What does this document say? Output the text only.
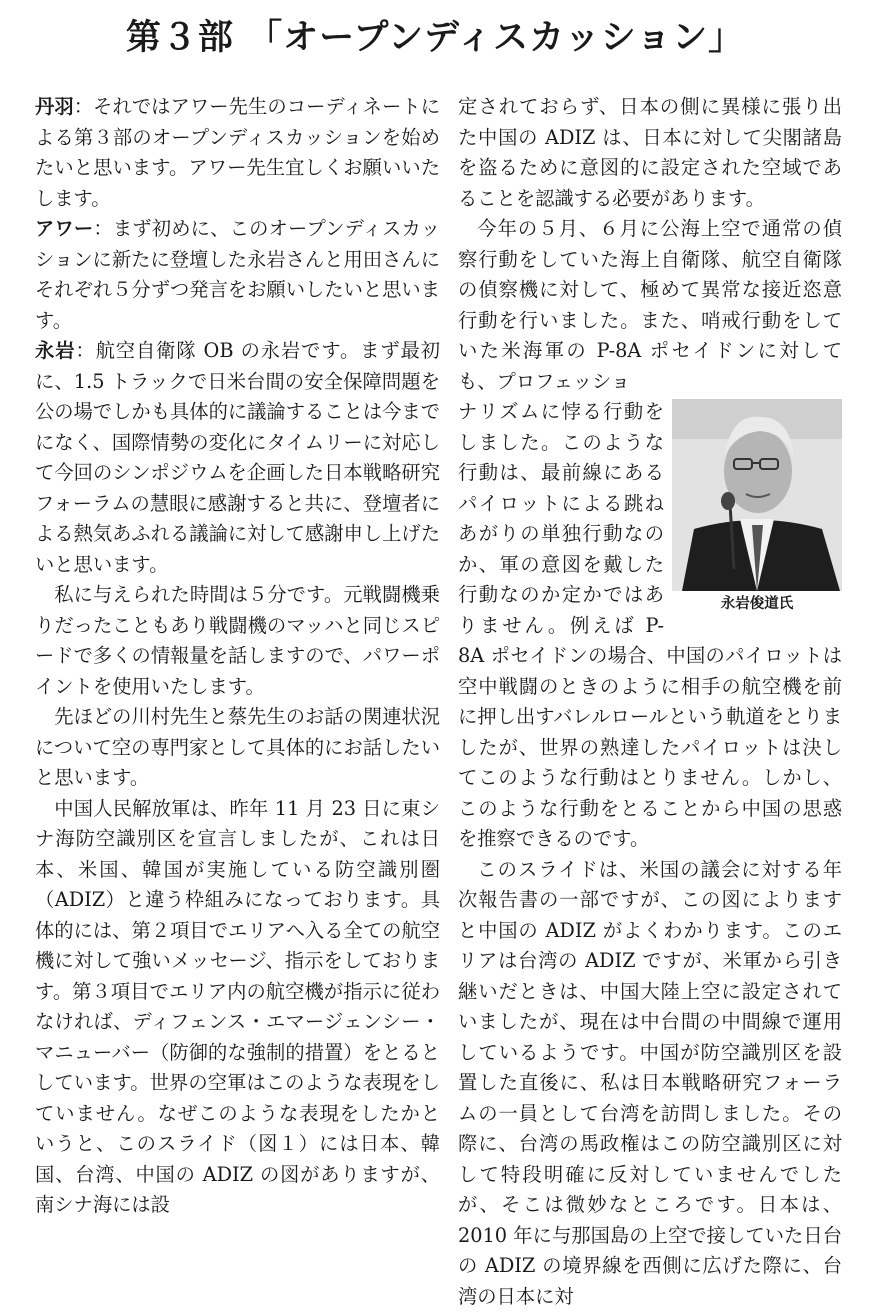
第３部 「オープンディスカッション」

丹羽：それではアワー先生のコーディネートによる第３部のオープンディスカッションを始めたいと思います。アワー先生宜しくお願いいたします。

アワー：まず初めに、このオープンディスカッションに新たに登壇した永岩さんと用田さんにそれぞれ５分ずつ発言をお願いしたいと思います。

永岩：航空自衛隊 OB の永岩です。まず最初に、1.5 トラックで日米台間の安全保障問題を公の場でしかも具体的に議論することは今までになく、国際情勢の変化にタイムリーに対応して今回のシンポジウムを企画した日本戦略研究フォーラムの慧眼に感謝すると共に、登壇者による熱気あふれる議論に対して感謝申し上げたいと思います。

私に与えられた時間は５分です。元戦闘機乗りだったこともあり戦闘機のマッハと同じスピードで多くの情報量を話しますので、パワーポイントを使用いたします。

先ほどの川村先生と蔡先生のお話の関連状況について空の専門家として具体的にお話したいと思います。

中国人民解放軍は、昨年 11 月 23 日に東シナ海防空識別区を宣言しましたが、これは日本、米国、韓国が実施している防空識別圏（ADIZ）と違う枠組みになっております。具体的には、第２項目でエリアへ入る全ての航空機に対して強いメッセージ、指示をしております。第３項目でエリア内の航空機が指示に従わなければ、ディフェンス・エマージェンシー・マニューバー（防御的な強制的措置）をとるとしています。世界の空軍はこのような表現をしていません。なぜこのような表現をしたかというと、このスライド（図１）には日本、韓国、台湾、中国の ADIZ の図がありますが、南シナ海には設

定されておらず、日本の側に異様に張り出た中国の ADIZ は、日本に対して尖閣諸島を盗るために意図的に設定された空域であることを認識する必要があります。

今年の５月、６月に公海上空で通常の偵察行動をしていた海上自衛隊、航空自衛隊の偵察機に対して、極めて異常な接近恣意行動を行いました。また、哨戒行動をしていた米海軍の P-8A ポセイドンに対しても、プロフェッショ

永岩俊道氏

ナリズムに悖る行動をしました。このような行動は、最前線にあるパイロットによる跳ねあがりの単独行動なのか、軍の意図を戴した行動なのか定かではありません。例えば P-8A ポセイドンの場合、中国のパイロットは空中戦闘のときのように相手の航空機を前に押し出すバレルロールという軌道をとりましたが、世界の熟達したパイロットは決してこのような行動はとりません。しかし、このような行動をとることから中国の思惑を推察できるのです。

このスライドは、米国の議会に対する年次報告書の一部ですが、この図によりますと中国の ADIZ がよくわかります。このエリアは台湾の ADIZ ですが、米軍から引き継いだときは、中国大陸上空に設定されていましたが、現在は中台間の中間線で運用しているようです。中国が防空識別区を設置した直後に、私は日本戦略研究フォーラムの一員として台湾を訪問しました。その際に、台湾の馬政権はこの防空識別区に対して特段明確に反対していませんでしたが、そこは微妙なところです。日本は、2010 年に与那国島の上空で接していた日台の ADIZ の境界線を西側に広げた際に、台湾の日本に対
